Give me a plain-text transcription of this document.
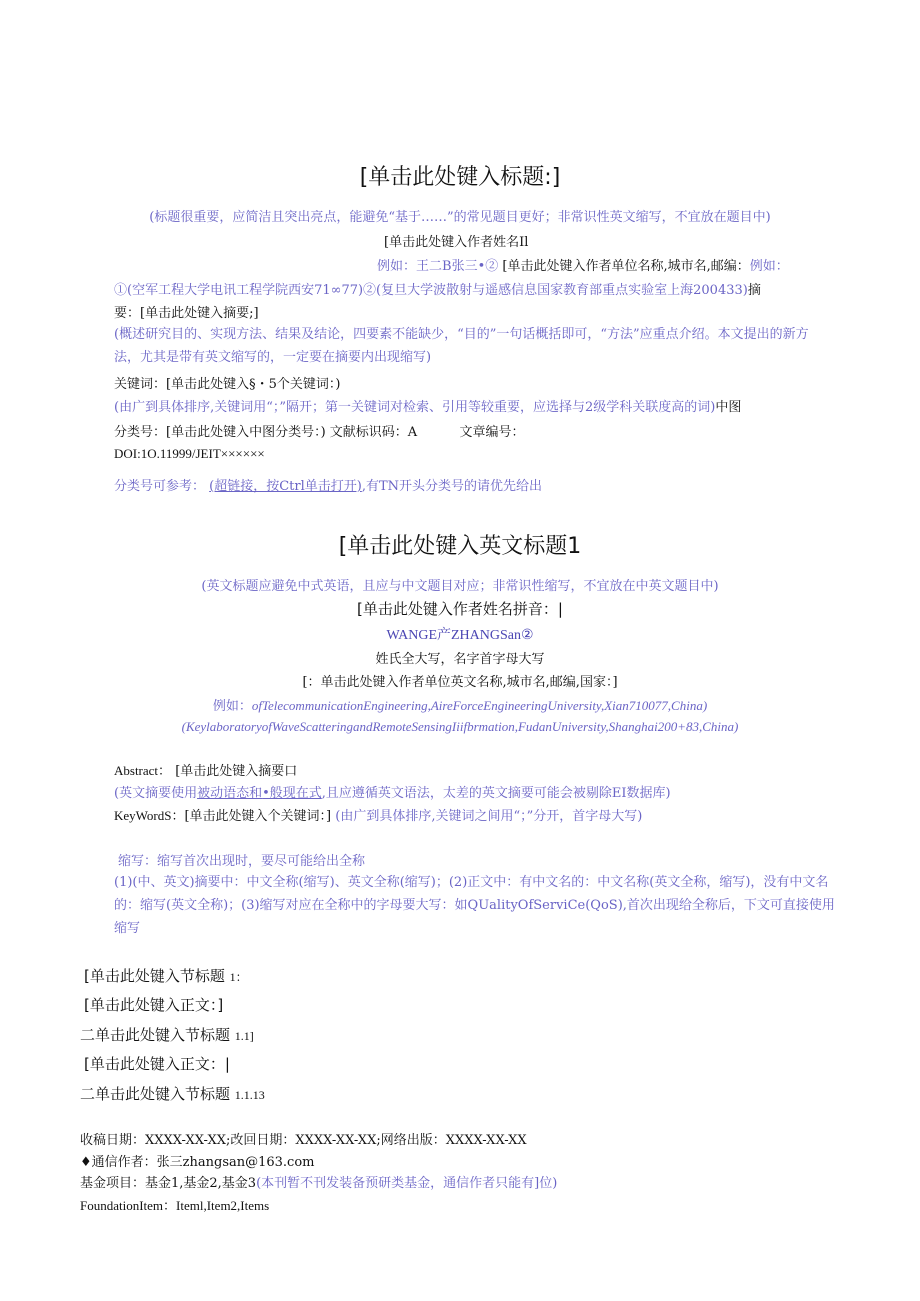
[单击此处键入标题:]
(标题很重要，应简洁且突出亮点，能避免“基于……”的常见题目更好；非常识性英文缩写，不宜放在题目中)
[单击此处键入作者姓名Il
例如：王二B张三•② [单击此处键入作者单位名称,城市名,邮编：例如：
①(空军工程大学电讯工程学院西安71∞77)②(复旦大学波散射与遥感信息国家教育部重点实验室上海200433)摘
要：[单击此处键入摘要;]
(概述研究目的、实现方法、结果及结论，四要素不能缺少，“目的”一句话概括即可，“方法”应重点介绍。本文提出的新方法，尤其是带有英文缩写的，一定要在摘要内出现缩写)
关键词：[单击此处键入§・5个关键词：)
(由广到具体排序,关键词用“；”隔开；第一关键词对检索、引用等较重要，应选择与2级学科关联度高的词)中图
分类号：[单击此处键入中图分类号：) 文献标识码：A	文章编号：
DOI:1O.11999/JEIT××××××
分类号可参考： (超链接，按Ctrl单击打开),有TN开头分类号的请优先给出
[单击此处键入英文标题1
(英文标题应避免中式英语，且应与中文题目对应；非常识性缩写，不宜放在中英文题目中)
[单击此处键入作者姓名拼音：|
WANGE产ZHANGSan②
姓氏全大写，名字首字母大写
[：单击此处键入作者单位英文名称,城市名,邮编,国家：]
例如：ofTelecommunicationEngineering,AireForceEngineeringUniversity,Xian710077,China)
(KeylaboratoryofWaveScatteringandRemoteSensingIiifbrmation,FudanUniversity,Shanghai200+83,China)
Abstract： [单击此处键入摘要口
(英文摘要使用被动语态和•般现在式,且应遵循英文语法，太差的英文摘要可能会被剔除EI数据库)
KeyWordS：[单击此处键入个关键词：] (由广到具体排序,关键词之间用“；”分开，首字母大写)
缩写：缩写首次出现时，要尽可能给出全称
(1)(中、英文)摘要中：中文全称(缩写)、英文全称(缩写)；(2)正文中：有中文名的：中文名称(英文全称，缩写)，没有中文名的：缩写(英文全称)；(3)缩写对应在全称中的字母要大写：如QUalityOfServiCe(QoS),首次出现给全称后，下文可直接使用缩写
[单击此处键入节标题 1：
[单击此处键入正文：]
二单击此处键入节标题 1.1]
[单击此处键入正文：|
二单击此处键入节标题 1.1.13
收稿日期：XXXX-XX-XX;改回日期：XXXX-XX-XX;网络出版：XXXX-XX-XX
♦通信作者：张三zhangsan@163.com
基金项目：基金1,基金2,基金3(本刊暂不刊发装备预研类基金，通信作者只能有]位)
FoundationItem：Iteml,Item2,Items
